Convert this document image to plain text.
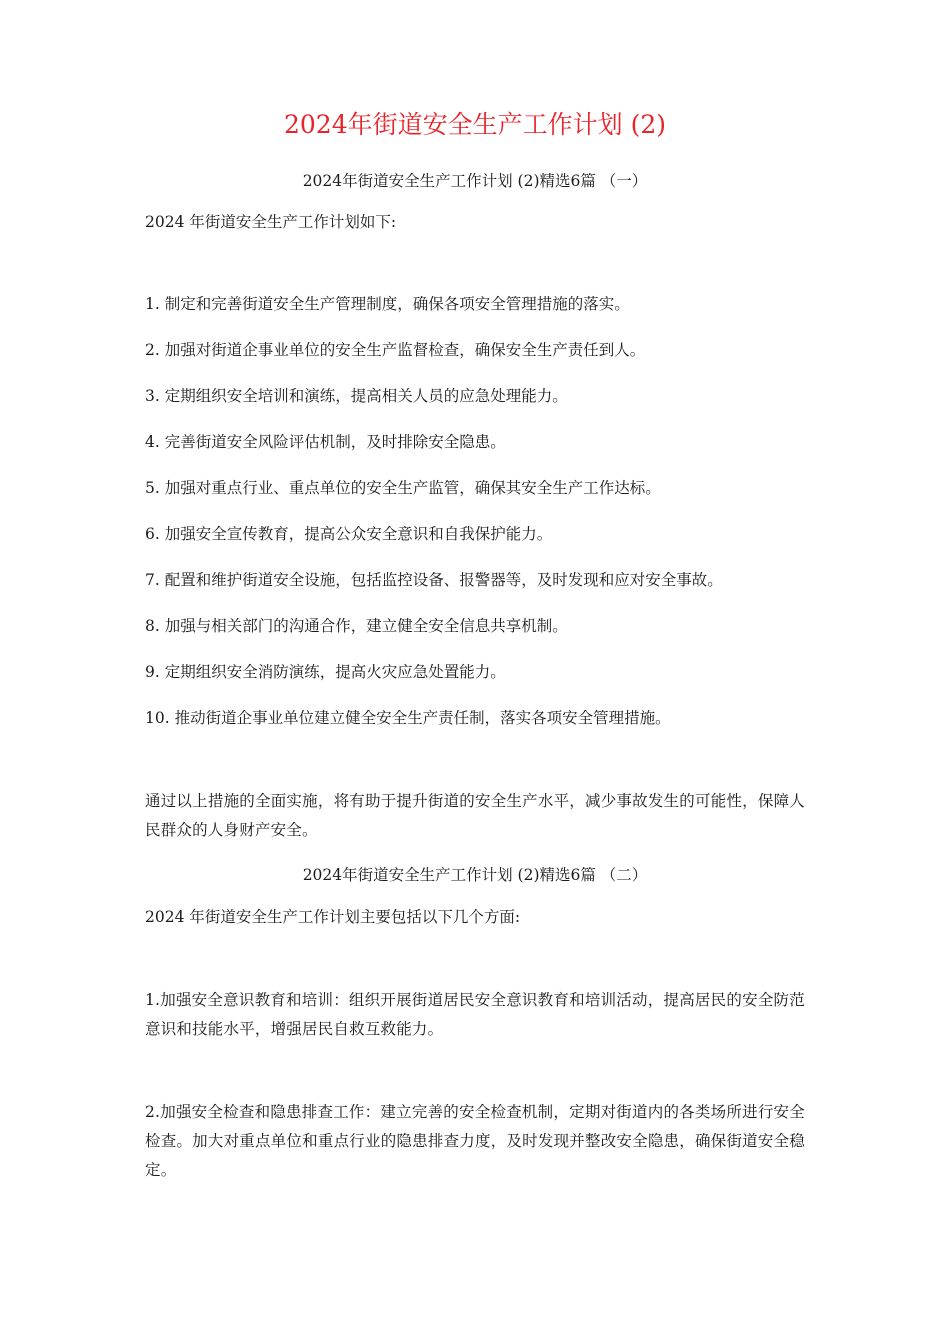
2024年街道安全生产工作计划 (2)
2024年街道安全生产工作计划 (2)精选6篇 （一）
2024 年街道安全生产工作计划如下:
1. 制定和完善街道安全生产管理制度，确保各项安全管理措施的落实。
2. 加强对街道企事业单位的安全生产监督检查，确保安全生产责任到人。
3. 定期组织安全培训和演练，提高相关人员的应急处理能力。
4. 完善街道安全风险评估机制，及时排除安全隐患。
5. 加强对重点行业、重点单位的安全生产监管，确保其安全生产工作达标。
6. 加强安全宣传教育，提高公众安全意识和自我保护能力。
7. 配置和维护街道安全设施，包括监控设备、报警器等，及时发现和应对安全事故。
8. 加强与相关部门的沟通合作，建立健全安全信息共享机制。
9. 定期组织安全消防演练，提高火灾应急处置能力。
10. 推动街道企事业单位建立健全安全生产责任制，落实各项安全管理措施。
通过以上措施的全面实施，将有助于提升街道的安全生产水平，减少事故发生的可能性，保障人民群众的人身财产安全。
2024年街道安全生产工作计划 (2)精选6篇 （二）
2024 年街道安全生产工作计划主要包括以下几个方面:
1.加强安全意识教育和培训：组织开展街道居民安全意识教育和培训活动，提高居民的安全防范意识和技能水平，增强居民自救互救能力。
2.加强安全检查和隐患排查工作：建立完善的安全检查机制，定期对街道内的各类场所进行安全检查。加大对重点单位和重点行业的隐患排查力度，及时发现并整改安全隐患，确保街道安全稳定。
